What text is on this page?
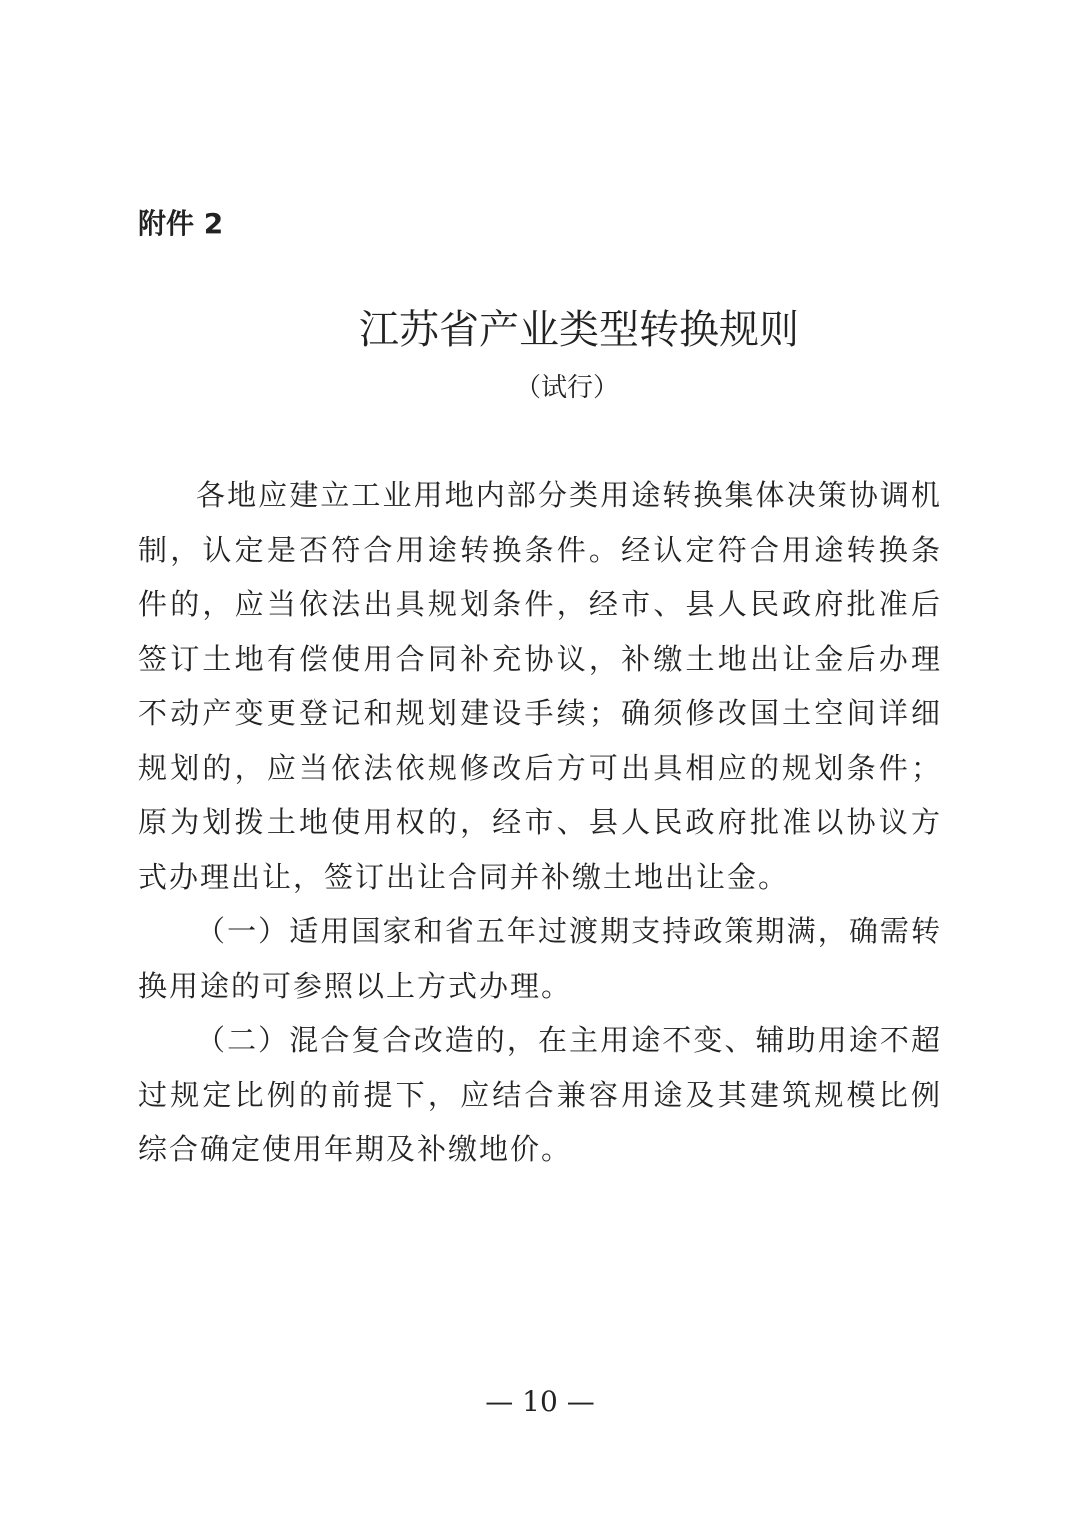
附件 2
江苏省产业类型转换规则
（试行）

各地应建立工业用地内部分类用途转换集体决策协调机制，认定是否符合用途转换条件。经认定符合用途转换条件的，应当依法出具规划条件，经市、县人民政府批准后签订土地有偿使用合同补充协议，补缴土地出让金后办理不动产变更登记和规划建设手续；确须修改国土空间详细规划的，应当依法依规修改后方可出具相应的规划条件；原为划拨土地使用权的，经市、县人民政府批准以协议方式办理出让，签订出让合同并补缴土地出让金。

（一）适用国家和省五年过渡期支持政策期满，确需转换用途的可参照以上方式办理。

（二）混合复合改造的，在主用途不变、辅助用途不超过规定比例的前提下，应结合兼容用途及其建筑规模比例综合确定使用年期及补缴地价。

— 10 —
